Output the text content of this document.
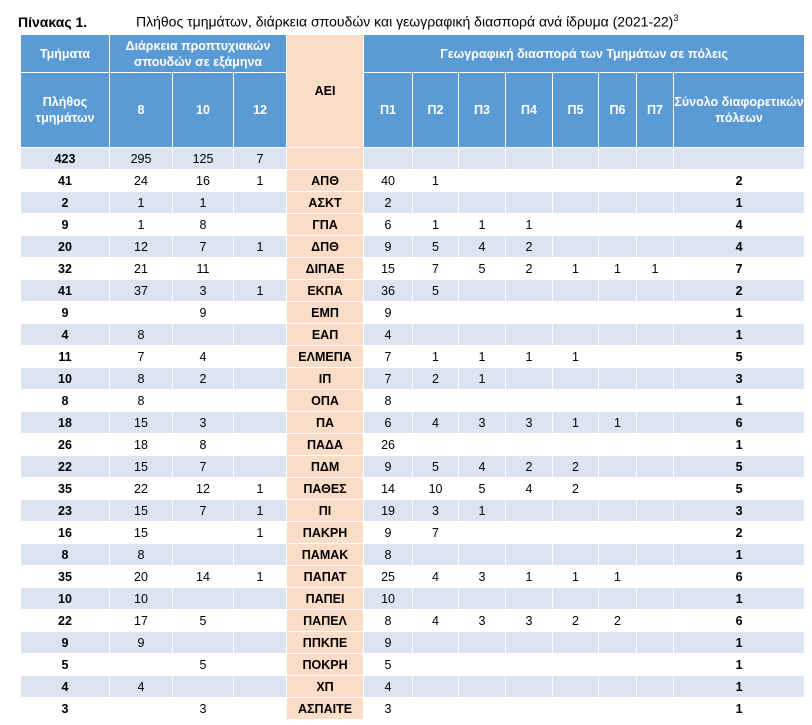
Πίνακας 1.	Πλήθος τμημάτων, διάρκεια σπουδών και γεωγραφική διασπορά ανά ίδρυμα (2021-22)$^3$
Τμήματα	Διάρκεια προπτυχιακών σπουδών σε εξάμηνα			ΑΕΙ	Γεωγραφική διασπορά των Τμημάτων σε πόλεις							
Πλήθος τμημάτων	8	10	12		Π1	Π2	Π3	Π4	Π5	Π6	Π7	Σύνολο διαφορετικών πόλεων
423	295	125	7									
41	24	16	1	ΑΠΘ	40	1						2
2	1	1		ΑΣΚΤ	2							1
9	1	8		ΓΠΑ	6	1	1	1				4
20	12	7	1	ΔΠΘ	9	5	4	2				4
32	21	11		ΔΙΠΑΕ	15	7	5	2	1	1	1	7
41	37	3	1	ΕΚΠΑ	36	5						2
9		9		ΕΜΠ	9							1
4	8			ΕΑΠ	4							1
11	7	4		ΕΛΜΕΠΑ	7	1	1	1	1			5
10	8	2		ΙΠ	7	2	1					3
8	8			ΟΠΑ	8							1
18	15	3		ΠΑ	6	4	3	3	1	1		6
26	18	8		ΠΑΔΑ	26							1
22	15	7		ΠΔΜ	9	5	4	2	2			5
35	22	12	1	ΠΑΘΕΣ	14	10	5	4	2			5
23	15	7	1	ΠΙ	19	3	1					3
16	15		1	ΠΑΚΡΗ	9	7						2
8	8			ΠΑΜΑΚ	8							1
35	20	14	1	ΠΑΠΑΤ	25	4	3	1	1	1		6
10	10			ΠΑΠΕΙ	10							1
22	17	5		ΠΑΠΕΛ	8	4	3	3	2	2		6
9	9			ΠΠΚΠΕ	9							1
5		5		ΠΟΚΡΗ	5							1
4	4			ΧΠ	4							1
3		3		ΑΣΠΑΙΤΕ	3							1
